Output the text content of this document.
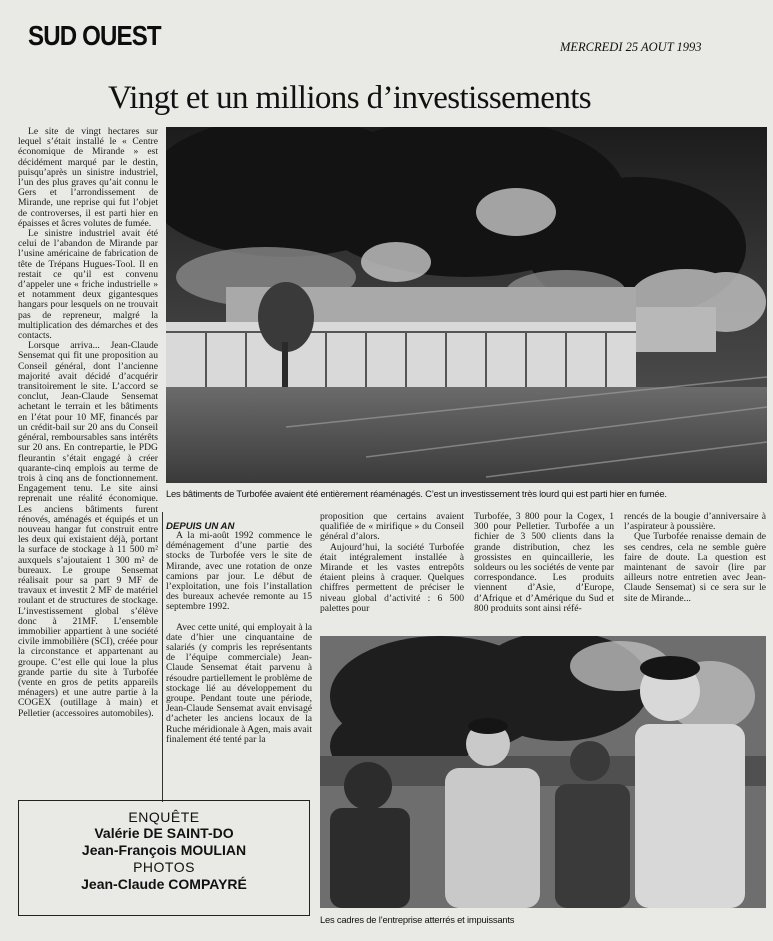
SUD OUEST	MERCREDI 25 AOUT 1993
Vingt et un millions d’investissements

Le site de vingt hectares sur lequel s’était installé le « Centre économique de Mirande » est décidément marqué par le destin, puisqu’après un sinistre industriel, l’un des plus graves qu’ait connu le Gers et l’arrondissement de Mirande, une reprise qui fut l’objet de controverses, il est parti hier en épaisses et âcres volutes de fumée.

Le sinistre industriel avait été celui de l’abandon de Mirande par l’usine américaine de fabrication de tête de Trépans Hugues-Tool. Il en restait ce qu’il est convenu d’appeler une « friche industrielle » et notamment deux gigantesques hangars pour lesquels on ne trouvait pas de repreneur, malgré la multiplication des démarches et des contacts.

Lorsque arriva... Jean-Claude Sensemat qui fit une proposition au Conseil général, dont l’ancienne majorité avait décidé d’acquérir transitoirement le site. L’accord se conclut, Jean-Claude Sensemat achetant le terrain et les bâtiments en l’état pour 10 MF, financés par un crédit-bail sur 20 ans du Conseil général, remboursables sans intérêts sur 20 ans. En contrepartie, le PDG fleurantin s’était engagé à créer quarante-cinq emplois au terme de trois à cinq ans de fonctionnement. Engagement tenu. Le site ainsi reprenait une réalité économique. Les anciens bâtiments furent rénovés, aménagés et équipés et un nouveau hangar fut construit entre les deux qui existaient déjà, portant la surface de stockage à 11 500 m² auxquels s’ajoutaient 1 300 m² de bureaux. Le groupe Sensemat réalisait pour sa part 9 MF de travaux et investit 2 MF de matériel roulant et de structures de stockage. L’investissement global s’élève donc à 21MF. L’ensemble immobilier appartient à une société civile immobilière (SCI), créée pour la circonstance et appartenant au groupe. C’est elle qui loue la plus grande partie du site à Turbofée (vente en gros de petits appareils ménagers) et une autre partie à la COGEX (outillage à main) et Pelletier (accessoires automobiles).

Les bâtiments de Turbofée avaient été entièrement réaménagés. C’est un investissement très lourd qui est parti hier en fumée.
DEPUIS UN AN

A la mi-août 1992 commence le déménagement d’une partie des stocks de Turbofée vers le site de Mirande, avec une rotation de onze camions par jour. Le début de l’exploitation, une fois l’installation des bureaux achevée remonte au 15 septembre 1992.

Avec cette unité, qui employait à la date d’hier une cinquantaine de salariés (y compris les représentants de l’équipe commerciale) Jean-Claude Sensemat était parvenu à résoudre partiellement le problème de stockage lié au développement du groupe. Pendant toute une période, Jean-Claude Sensemat avait envisagé d’acheter les anciens locaux de la Ruche méridionale à Agen, mais avait finalement été tenté par la

proposition que certains avaient qualifiée de « mirifique » du Conseil général d’alors.

Aujourd’hui, la société Turbofée était intégralement installée à Mirande et les vastes entrepôts étaient pleins à craquer. Quelques chiffres permettent de préciser le niveau global d’activité : 6 500 palettes pour

Turbofée, 3 800 pour la Cogex, 1 300 pour Pelletier. Turbofée a un fichier de 3 500 clients dans la grande distribution, chez les grossistes en quincaillerie, les soldeurs ou les sociétés de vente par correspondance. Les produits viennent d’Asie, d’Europe, d’Afrique et d’Amérique du Sud et 800 produits sont ainsi réfé-

rencés de la bougie d’anniversaire à l’aspirateur à poussière.

Que Turbofée renaisse demain de ses cendres, cela ne semble guère faire de doute. La question est maintenant de savoir (lire par ailleurs notre entretien avec Jean-Claude Sensemat) si ce sera sur le site de Mirande...

Les cadres de l’entreprise atterrés et impuissants
ENQUÊTE
Valérie DE SAINT-DO
Jean-François MOULIAN
PHOTOS
Jean-Claude COMPAYRÉ
